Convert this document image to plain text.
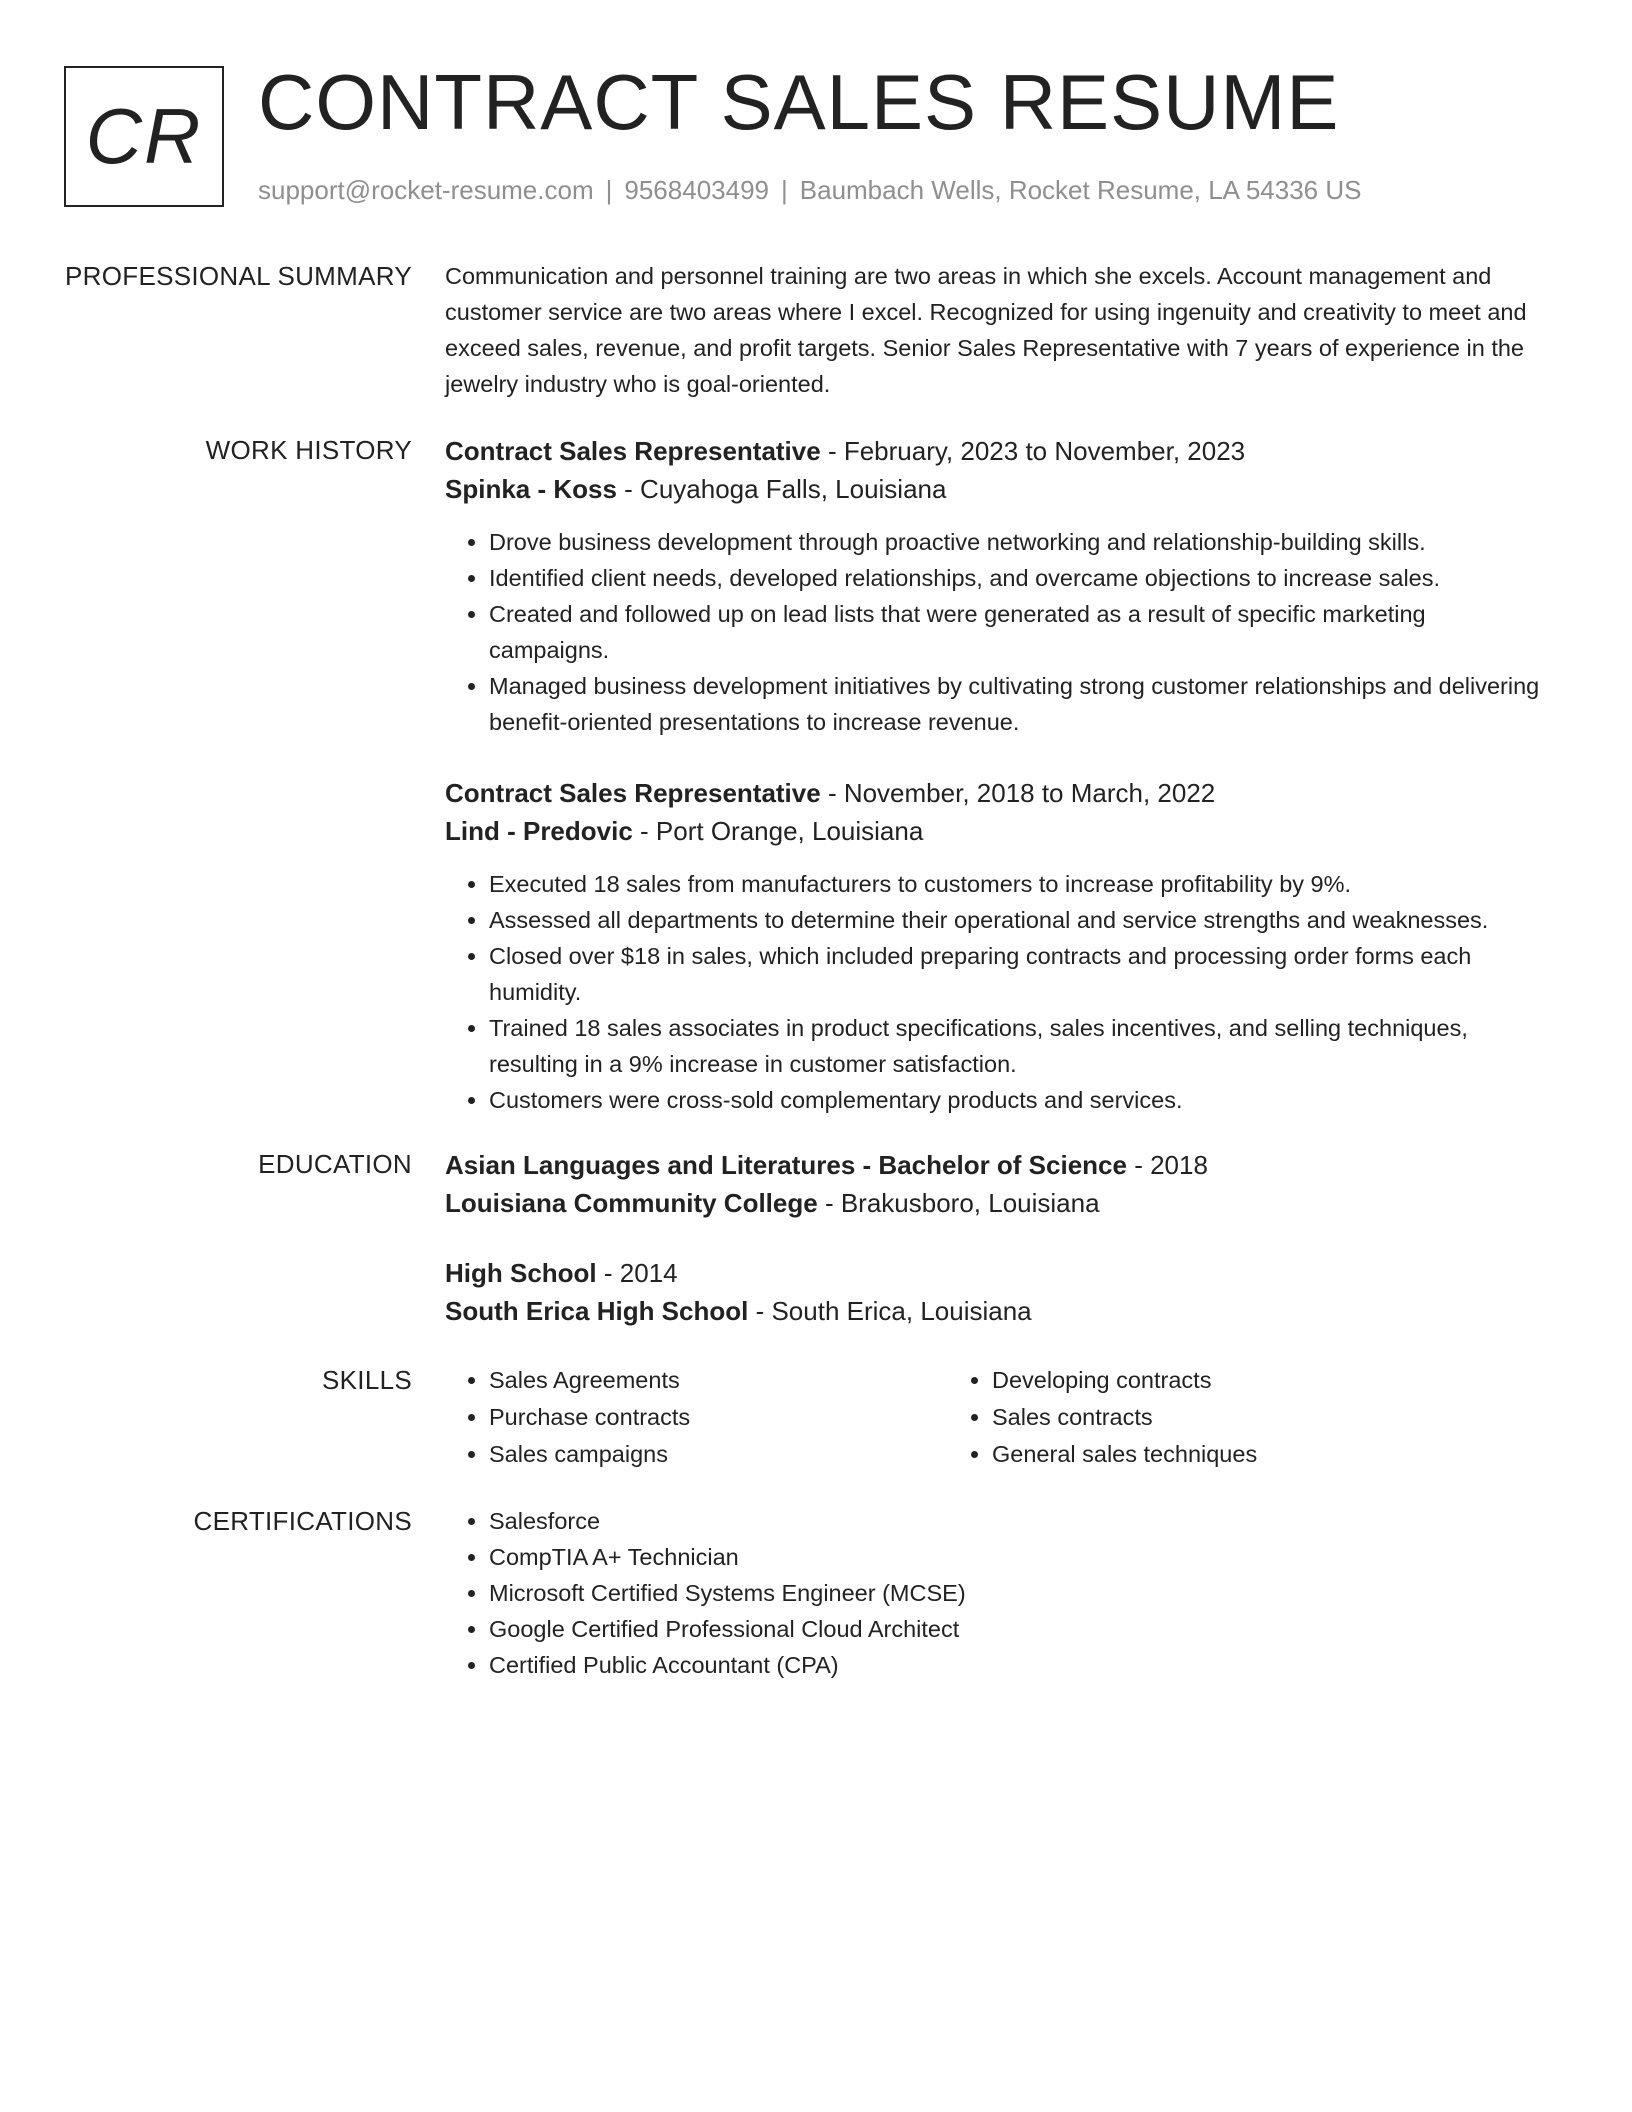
CR CONTRACT SALES RESUME
support@rocket-resume.com | 9568403499 | Baumbach Wells, Rocket Resume, LA 54336 US
PROFESSIONAL SUMMARY Communication and personnel training are two areas in which she excels. Account management and customer service are two areas where I excel. Recognized for using ingenuity and creativity to meet and exceed sales, revenue, and profit targets. Senior Sales Representative with 7 years of experience in the jewelry industry who is goal-oriented.

WORK HISTORY Contract Sales Representative - February, 2023 to November, 2023
Spinka - Koss - Cuyahoga Falls, Louisiana
• Drove business development through proactive networking and relationship-building skills.
• Identified client needs, developed relationships, and overcame objections to increase sales.
• Created and followed up on lead lists that were generated as a result of specific marketing campaigns.
• Managed business development initiatives by cultivating strong customer relationships and delivering benefit-oriented presentations to increase revenue.
Contract Sales Representative - November, 2018 to March, 2022
Lind - Predovic - Port Orange, Louisiana
• Executed 18 sales from manufacturers to customers to increase profitability by 9%.
• Assessed all departments to determine their operational and service strengths and weaknesses.
• Closed over $18 in sales, which included preparing contracts and processing order forms each humidity.
• Trained 18 sales associates in product specifications, sales incentives, and selling techniques, resulting in a 9% increase in customer satisfaction.
• Customers were cross-sold complementary products and services.
EDUCATION Asian Languages and Literatures - Bachelor of Science - 2018
Louisiana Community College - Brakusboro, Louisiana
High School - 2014
South Erica High School - South Erica, Louisiana
SKILLS	• Sales Agreements
• Purchase contracts
• Sales campaigns
• Developing contracts
• Sales contracts
• General sales techniques
CERTIFICATIONS	• Salesforce
• CompTIA A+ Technician
• Microsoft Certified Systems Engineer (MCSE)
• Google Certified Professional Cloud Architect
• Certified Public Accountant (CPA)
